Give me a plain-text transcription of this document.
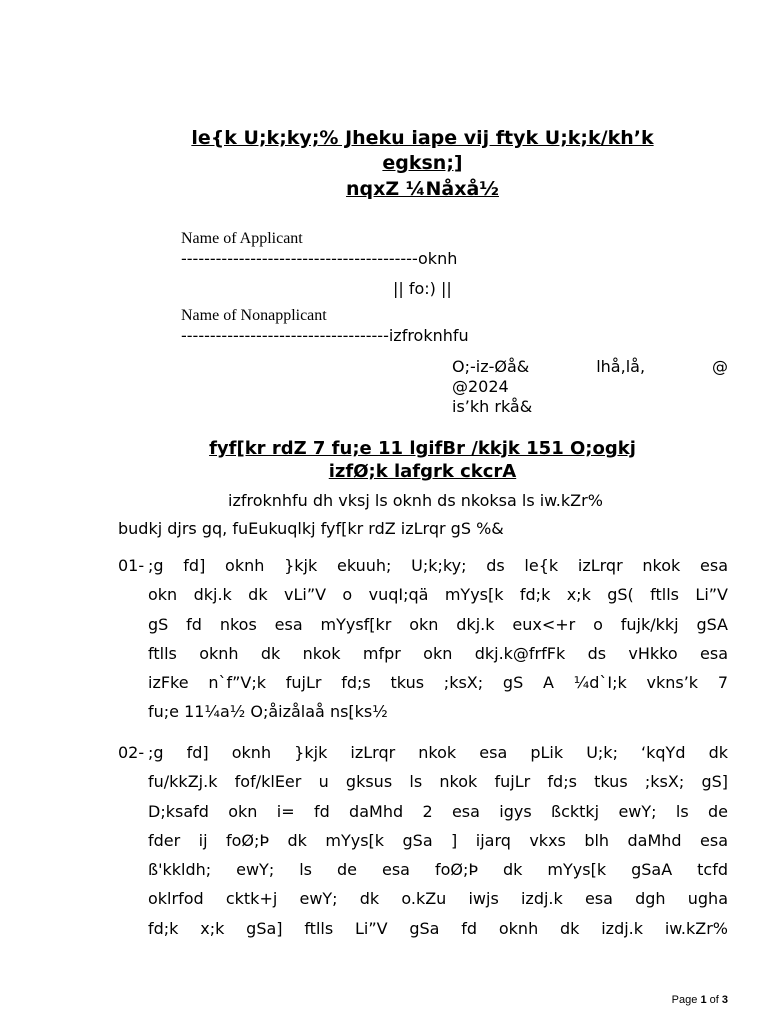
le{k U;k;ky;% Jheku iape vij ftyk U;k;k/kh’k
egksn;]
nqxZ ¼Nåxå½
Name of Applicant
-----------------------------------------oknh
|| fo:) ||
Name of Nonapplicant
------------------------------------izfroknhfu
O;-iz-Øå&	lhå,lå,	@
@2024
is’kh rkå&
fyf[kr rdZ 7 fu;e 11 lgifBr /kkjk 151 O;ogkj
izfØ;k lafgrk ckcrA
izfroknhfu dh vksj ls oknh ds nkoksa ls iw.kZr%
budkj djrs gq, fuEukuqlkj fyf[kr rdZ izLrqr gS %&
01- ;g fd] oknh }kjk ekuuh; U;k;ky; ds le{k izLrqr nkok esa
okn dkj.k dk vLi”V o vuqI;qä mYys[k fd;k x;k gS( ftlls Li”V
gS fd nkos esa mYysf[kr okn dkj.k eux<+r o fujk/kkj gSA
ftlls oknh dk nkok mfpr okn dkj.k@frfFk ds vHkko esa
izFke n`f”V;k fujLr fd;s tkus ;ksX; gS A ¼d`I;k vkns’k 7
fu;e 11¼a½ O;åizålaå ns[ks½
02- ;g fd] oknh }kjk izLrqr nkok esa pLik U;k; ‘kqYd dk
fu/kkZj.k fof/klEer u gksus ls nkok fujLr fd;s tkus ;ksX; gS]
D;ksafd okn i= fd daMhd 2 esa igys ßcktkj ewY; ls de
fder ij foØ;Þ dk mYys[k gSa ] ijarq vkxs blh daMhd esa
ß'kkldh; ewY; ls de esa foØ;Þ dk mYys[k gSaA tcfd
oklrfod cktk+j ewY; dk o.kZu iwjs izdj.k esa dgh ugha
fd;k x;k gSa] ftlls Li”V gSa fd oknh dk izdj.k iw.kZr%
Page 1 of 3
